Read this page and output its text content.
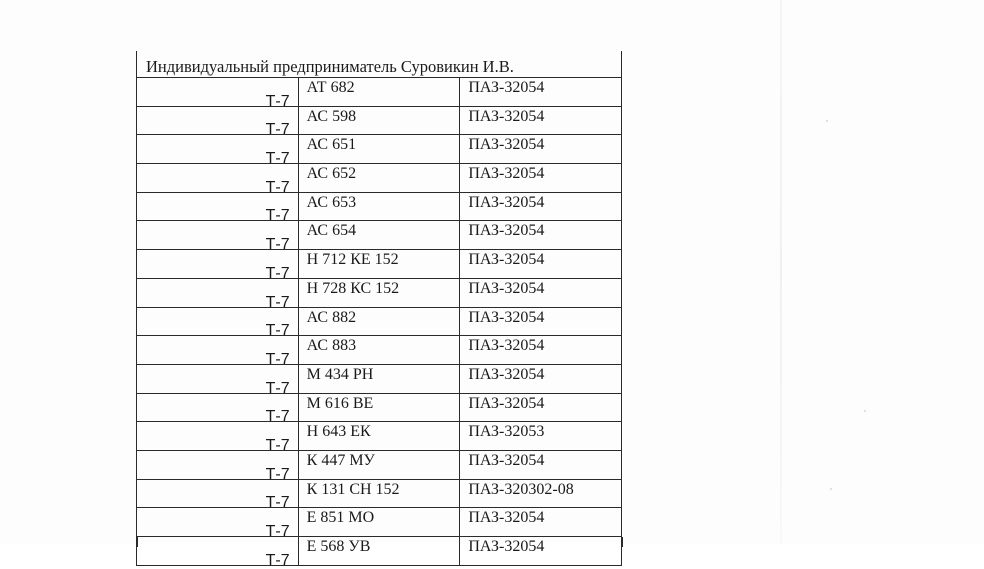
Индивидуальный предприниматель Суровикин И.В.		
Т-7	АТ 682	ПАЗ-32054
Т-7	АС 598	ПАЗ-32054
Т-7	АС 651	ПАЗ-32054
Т-7	АС 652	ПАЗ-32054
Т-7	АС 653	ПАЗ-32054
Т-7	АС 654	ПАЗ-32054
Т-7	Н 712 КЕ 152	ПАЗ-32054
Т-7	Н 728 КС 152	ПАЗ-32054
Т-7	АС 882	ПАЗ-32054
Т-7	АС 883	ПАЗ-32054
Т-7	М 434 РН	ПАЗ-32054
Т-7	М 616 ВЕ	ПАЗ-32054
Т-7	Н 643 ЕК	ПАЗ-32053
Т-7	К 447 МУ	ПАЗ-32054
Т-7	К 131 СН 152	ПАЗ-320302-08
Т-7	Е 851 МО	ПАЗ-32054
Т-7	Е 568 УВ	ПАЗ-32054
